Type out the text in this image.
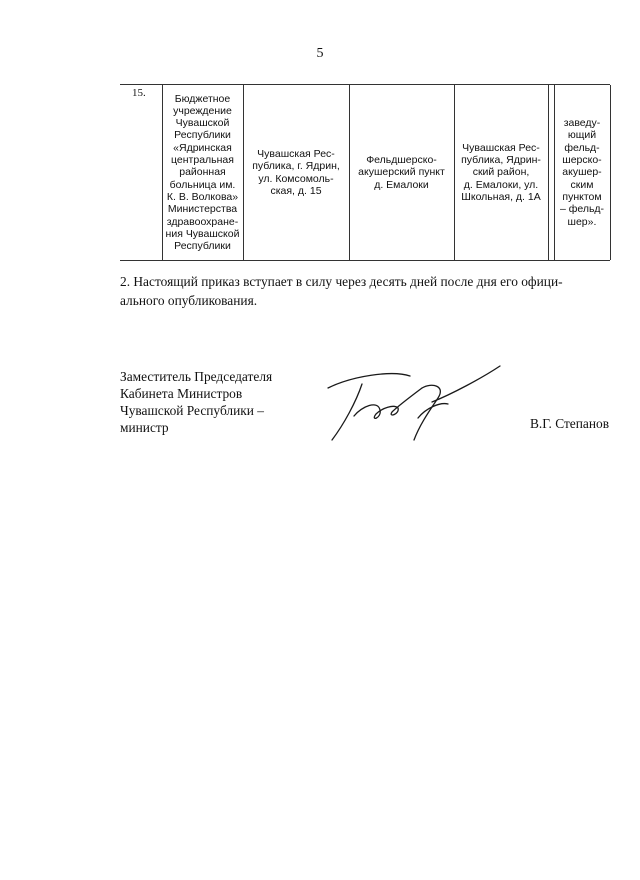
5
15.	Бюджетное
учреждение
Чувашской
Республики
«Ядринская
центральная
районная
больница им.
К. В. Волкова»
Министерства
здравоохране-
ния Чувашской
Республики
Чувашская Рес-
публика, г. Ядрин,
ул. Комсомоль-
ская, д. 15
Фельдшерско-
акушерский пункт
д. Емалоки
Чувашская Рес-
публика, Ядрин-
ский район,
д. Емалоки, ул.
Школьная, д. 1А
заведу-
ющий
фельд-
шерско-
акушер-
ским
пунктом
– фельд-
шер».
2. Настоящий приказ вступает в силу через десять дней после дня его офици-
ального опубликования.
Заместитель Председателя
Кабинета Министров
Чувашской Республики –
министр	В.Г. Степанов
